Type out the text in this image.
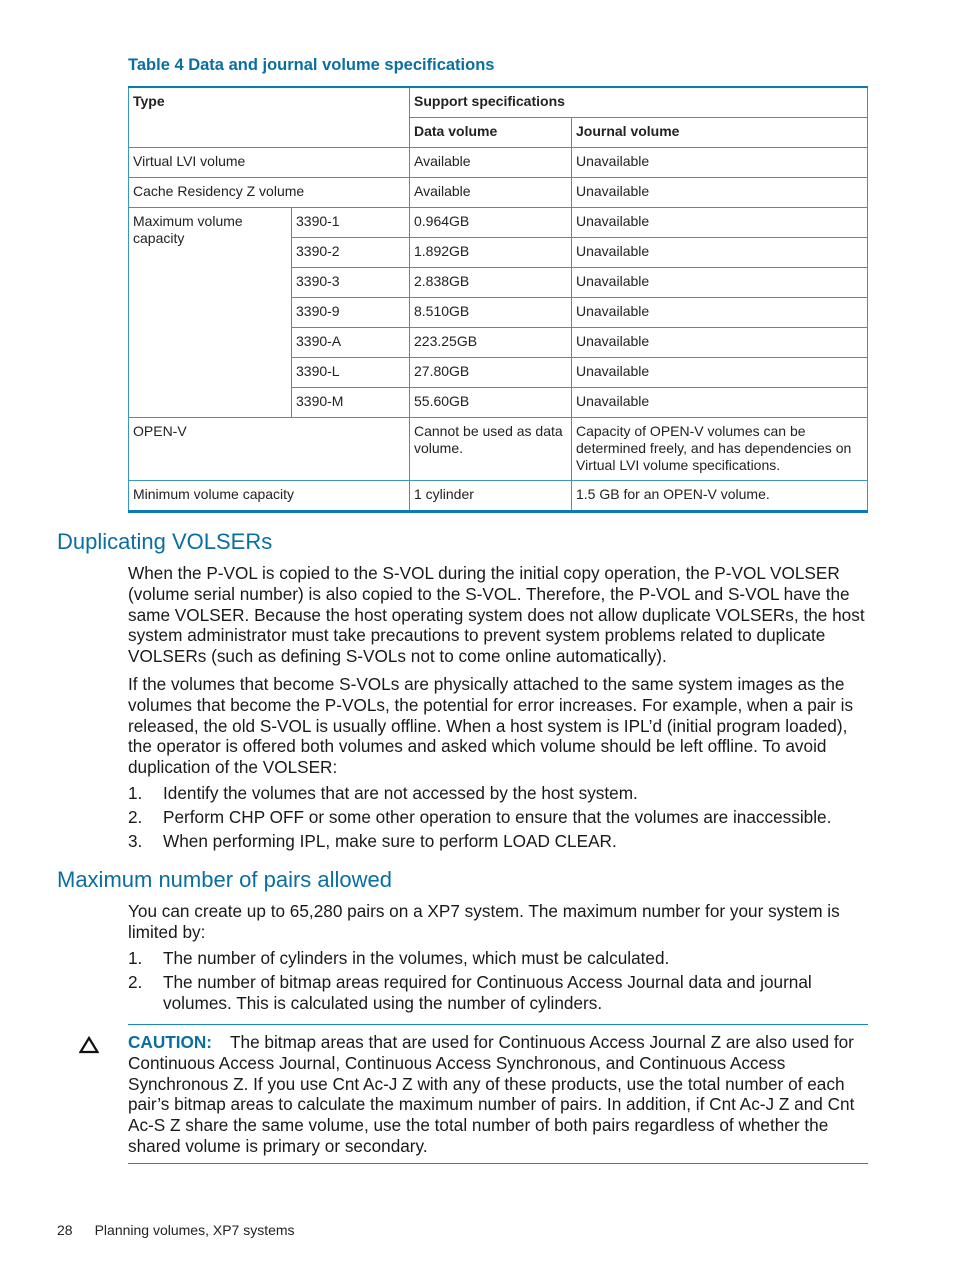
Table 4 Data and journal volume specifications
Type		Support specifications	
		Data volume	Journal volume
Virtual LVI volume		Available	Unavailable
Cache Residency Z volume		Available	Unavailable
Maximum volume capacity	3390-1	0.964GB	Unavailable
	3390-2	1.892GB	Unavailable
	3390-3	2.838GB	Unavailable
	3390-9	8.510GB	Unavailable
	3390-A	223.25GB	Unavailable
	3390-L	27.80GB	Unavailable
	3390-M	55.60GB	Unavailable
OPEN-V		Cannot be used as data volume.	Capacity of OPEN-V volumes can be determined freely, and has dependencies on Virtual LVI volume specifications.
Minimum volume capacity		1 cylinder	1.5 GB for an OPEN-V volume.
Duplicating VOLSERs

When the P-VOL is copied to the S-VOL during the initial copy operation, the P-VOL VOLSER (volume serial number) is also copied to the S-VOL. Therefore, the P-VOL and S-VOL have the same VOLSER. Because the host operating system does not allow duplicate VOLSERs, the host system administrator must take precautions to prevent system problems related to duplicate VOLSERs (such as defining S-VOLs not to come online automatically).

If the volumes that become S-VOLs are physically attached to the same system images as the volumes that become the P-VOLs, the potential for error increases. For example, when a pair is released, the old S-VOL is usually offline. When a host system is IPL’d (initial program loaded), the operator is offered both volumes and asked which volume should be left offline. To avoid duplication of the VOLSER:

1. Identify the volumes that are not accessed by the host system.
2. Perform CHP OFF or some other operation to ensure that the volumes are inaccessible.
3. When performing IPL, make sure to perform LOAD CLEAR.
Maximum number of pairs allowed

You can create up to 65,280 pairs on a XP7 system. The maximum number for your system is limited by:

1. The number of cylinders in the volumes, which must be calculated.
2. The number of bitmap areas required for Continuous Access Journal data and journal volumes. This is calculated using the number of cylinders.

CAUTION: The bitmap areas that are used for Continuous Access Journal Z are also used for Continuous Access Journal, Continuous Access Synchronous, and Continuous Access Synchronous Z. If you use Cnt Ac-J Z with any of these products, use the total number of each pair’s bitmap areas to calculate the maximum number of pairs. In addition, if Cnt Ac-J Z and Cnt Ac-S Z share the same volume, use the total number of both pairs regardless of whether the shared volume is primary or secondary.

28 Planning volumes, XP7 systems
